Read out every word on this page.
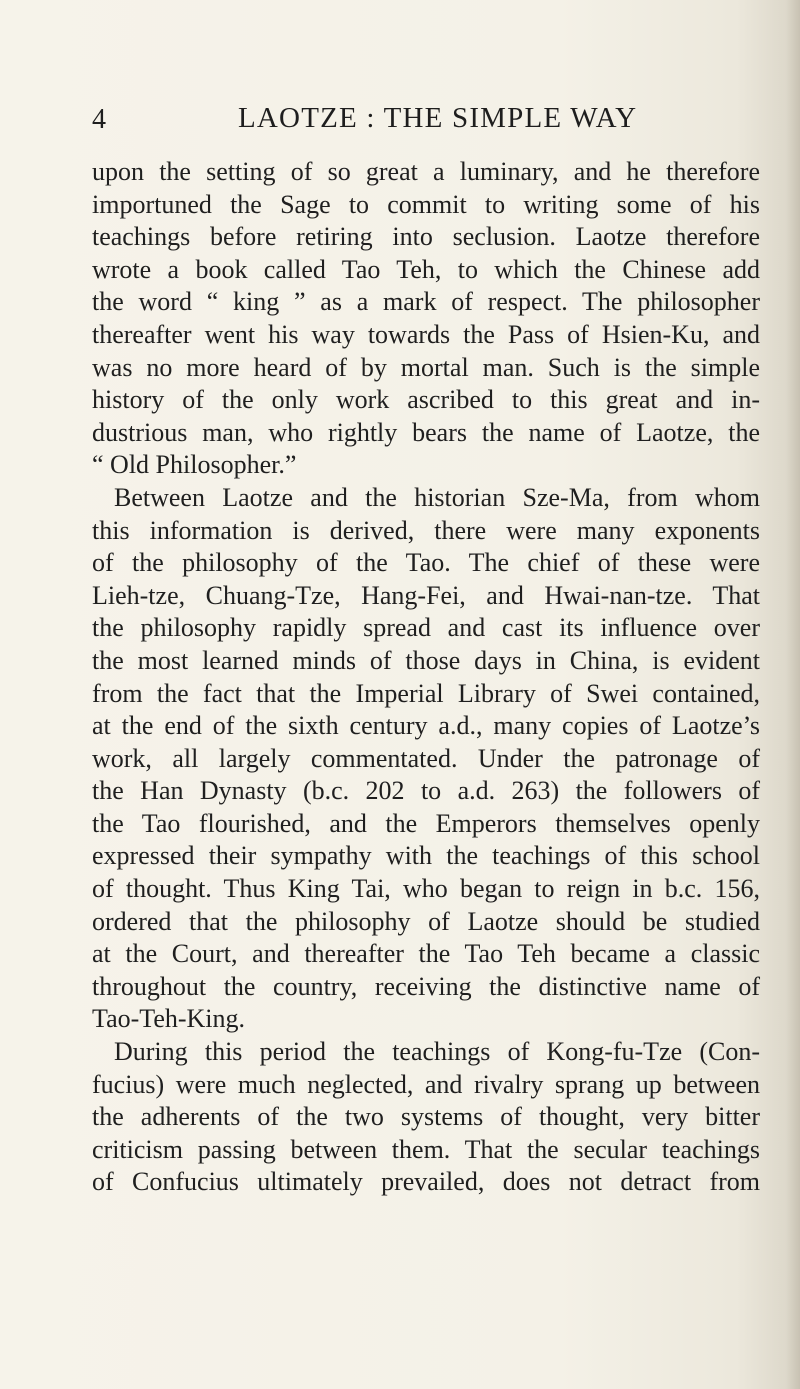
4	LAOTZE : THE SIMPLE WAY
upon the setting of so great a luminary, and he therefore
importuned the Sage to commit to writing some of his
teachings before retiring into seclusion. Laotze therefore
wrote a book called Tao Teh, to which the Chinese add
the word “ king ” as a mark of respect. The philosopher
thereafter went his way towards the Pass of Hsien-Ku, and
was no more heard of by mortal man. Such is the simple
history of the only work ascribed to this great and in-
dustrious man, who rightly bears the name of Laotze, the
“ Old Philosopher.”
Between Laotze and the historian Sze-Ma, from whom
this information is derived, there were many exponents
of the philosophy of the Tao. The chief of these were
Lieh-tze, Chuang-Tze, Hang-Fei, and Hwai-nan-tze. That
the philosophy rapidly spread and cast its influence over
the most learned minds of those days in China, is evident
from the fact that the Imperial Library of Swei contained,
at the end of the sixth century a.d., many copies of Laotze’s
work, all largely commentated. Under the patronage of
the Han Dynasty (b.c. 202 to a.d. 263) the followers of
the Tao flourished, and the Emperors themselves openly
expressed their sympathy with the teachings of this school
of thought. Thus King Tai, who began to reign in b.c. 156,
ordered that the philosophy of Laotze should be studied
at the Court, and thereafter the Tao Teh became a classic
throughout the country, receiving the distinctive name of
Tao-Teh-King.
During this period the teachings of Kong-fu-Tze (Con-
fucius) were much neglected, and rivalry sprang up between
the adherents of the two systems of thought, very bitter
criticism passing between them. That the secular teachings
of Confucius ultimately prevailed, does not detract from
